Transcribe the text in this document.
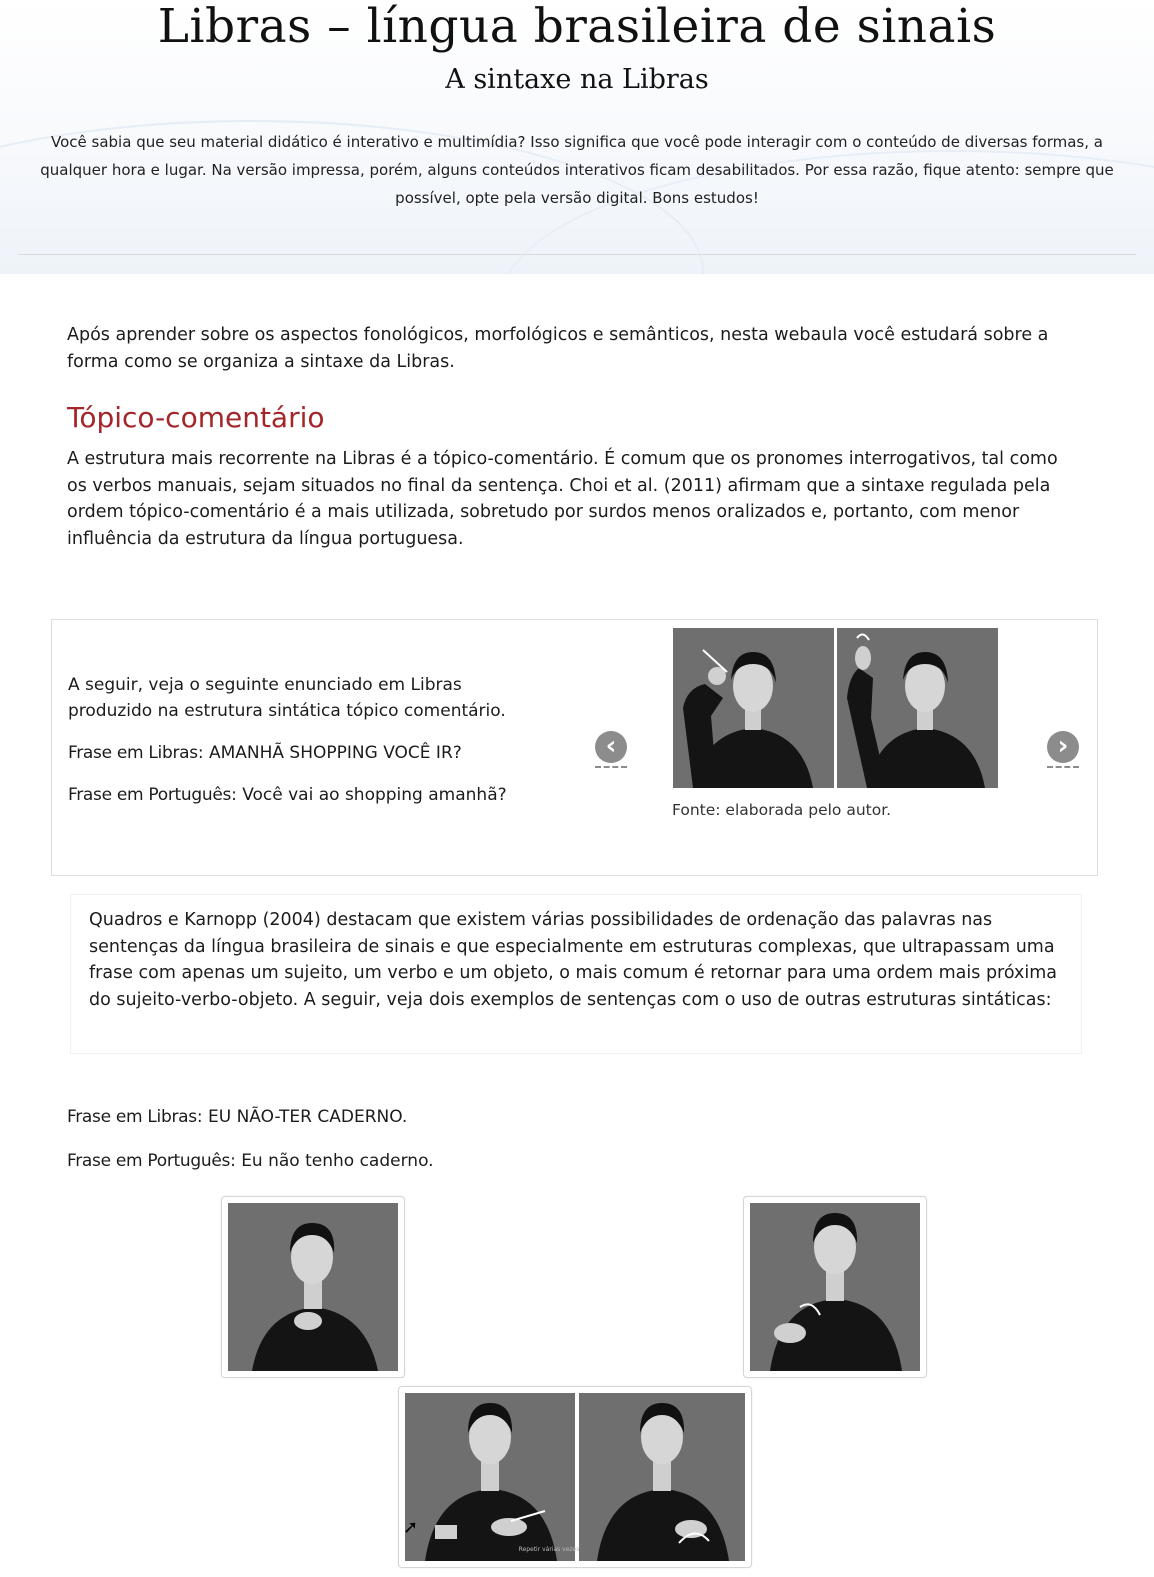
Libras – língua brasileira de sinais
A sintaxe na Libras
Você sabia que seu material didático é interativo e multimídia? Isso significa que você pode interagir com o conteúdo de diversas formas, a qualquer hora e lugar. Na versão impressa, porém, alguns conteúdos interativos ficam desabilitados. Por essa razão, fique atento: sempre que possível, opte pela versão digital. Bons estudos!
Após aprender sobre os aspectos fonológicos, morfológicos e semânticos, nesta webaula você estudará sobre a forma como se organiza a sintaxe da Libras.
Tópico-comentário
A estrutura mais recorrente na Libras é a tópico-comentário. É comum que os pronomes interrogativos, tal como os verbos manuais, sejam situados no final da sentença. Choi et al. (2011) afirmam que a sintaxe regulada pela ordem tópico-comentário é a mais utilizada, sobretudo por surdos menos oralizados e, portanto, com menor influência da estrutura da língua portuguesa.

A seguir, veja o seguinte enunciado em Libras produzido na estrutura sintática tópico comentário.

Frase em Libras: AMANHÃ SHOPPING VOCÊ IR?

Frase em Português: Você vai ao shopping amanhã?

‹
Fonte: elaborada pelo autor.
›
Quadros e Karnopp (2004) destacam que existem várias possibilidades de ordenação das palavras nas sentenças da língua brasileira de sinais e que especialmente em estruturas complexas, que ultrapassam uma frase com apenas um sujeito, um verbo e um objeto, o mais comum é retornar para uma ordem mais próxima do sujeito-verbo-objeto. A seguir, veja dois exemplos de sentenças com o uso de outras estruturas sintáticas:
Frase em Libras: EU NÃO-TER CADERNO.
Frase em Português: Eu não tenho caderno.
Repetir várias vezes
➚
